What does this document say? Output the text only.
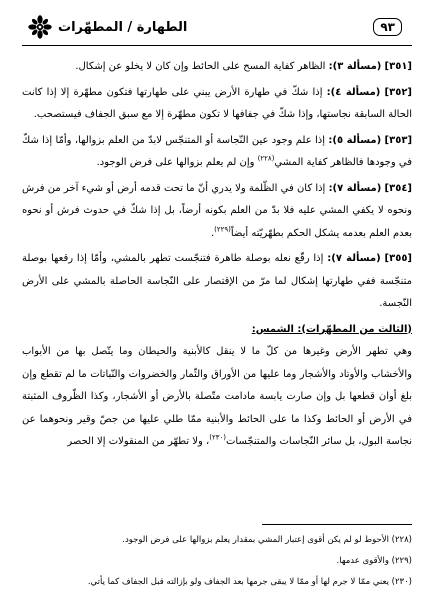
الطهارة / المطهّرات	٩٣

[٣٥١] (مسألة ٣): الظاهر كفاية المسح على الحائط وإن كان لا يخلو عن إشكال.

[٣٥٢] (مسألة ٤): إذا شكّ في طهارة الأرض يبني على طهارتها فتكون مطهّرة إلا إذا كانت الحالة السابقة نجاستها، وإذا شكّ في جفافها لا تكون مطهّرة إلا مع سبق الجفاف فيستصحب.

[٣٥٣] (مسألة ٥): إذا علم وجود عين النّجاسة أو المتنجّس لابدّ من العلم بزوالها، وأمّا إذا شكّ في وجودها فالظاهر كفاية المشي$^{(٢٢٨)}$ وإن لم يعلم بزوالها على فرض الوجود.

[٣٥٤] (مسألة ٧): إذا كان في الظّلمة ولا يدري أنّ ما تحت قدمه أرض أو شيء آخر من فرش ونحوه لا يكفي المشي عليه فلا بدّ من العلم بكونه أرضاً، بل إذا شكّ في حدوث فرش أو نحوه بعدم العلم بعدمه يشكل الحكم بطهّريّته أيضاً$^{(٢٢٩)}$.

[٣٥٥] (مسألة ٧): إذا رقّع نعله بوصلة طاهرة فتنجّست تطهر بالمشي، وأمّا إذا رقعها بوصلة متنجّسة ففي طهارتها إشكال لما مرّ من الإقتصار على النّجاسة الحاصلة بالمشي على الأرض النّجسة.

(الثالث من المطهّرات): الشمس:

وهي تطهر الأرض وغيرها من كلّ ما لا ينقل كالأبنية والحيطان وما يتّصل بها من الأبواب والأخشاب والأوتاد والأشجار وما عليها من الأوراق والثّمار والخضروات والنّباتات ما لم تقطع وإن بلغ أوان قطعها بل وإن صارت يابسة مادامت متّصلة بالأرض أو الأشجار، وكذا الظّروف المثبتة في الأرض أو الحائط وكذا ما على الحائط والأبنية ممّا طلي عليها من جصّ وقير ونحوهما عن نجاسة البول، بل سائر النّجاسات والمتنجّسات$^{(٢٣٠)}$، ولا تطهّر من المنقولات إلا الحصر

(٢٢٨) الأحوط لو لم يكن أقوى إعتبار المشي بمقدار يعلم بزوالها على فرض الوجود.

(٢٢٩) والأقوى عدمها.

(٢٣٠) يعني ممّا لا جرم لها أو ممّا لا يبقى جرمها بعد الجفاف ولو بإزالته قبل الجفاف كما يأتي.
